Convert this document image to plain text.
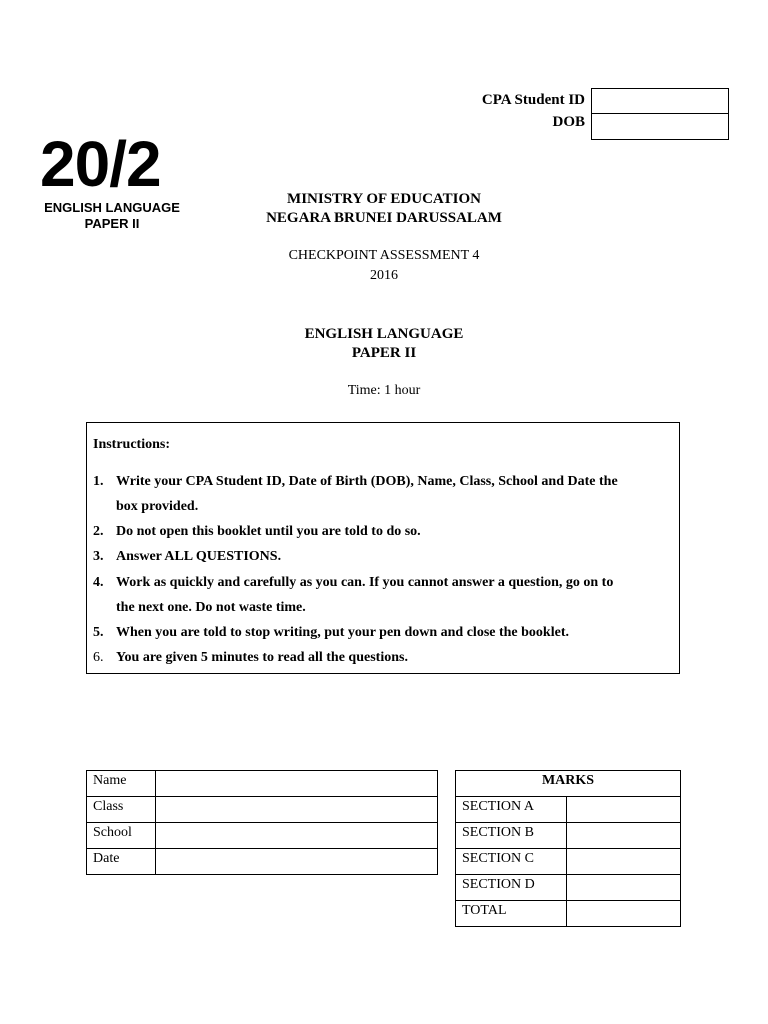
CPA Student ID
DOB
20/2
ENGLISH LANGUAGE
PAPER II
MINISTRY OF EDUCATION
NEGARA BRUNEI DARUSSALAM
CHECKPOINT ASSESSMENT 4
2016
ENGLISH LANGUAGE
PAPER II
Time: 1 hour
Instructions:
1. Write your CPA Student ID, Date of Birth (DOB), Name, Class, School and Date the
box provided.
2. Do not open this booklet until you are told to do so.
3. Answer ALL QUESTIONS.
4. Work as quickly and carefully as you can. If you cannot answer a question, go on to
the next one. Do not waste time.
5. When you are told to stop writing, put your pen down and close the booklet.
6. You are given 5 minutes to read all the questions.
Name	
Class	
School	
Date	
MARKS	
SECTION A	
SECTION B	
SECTION C	
SECTION D	
TOTAL	
